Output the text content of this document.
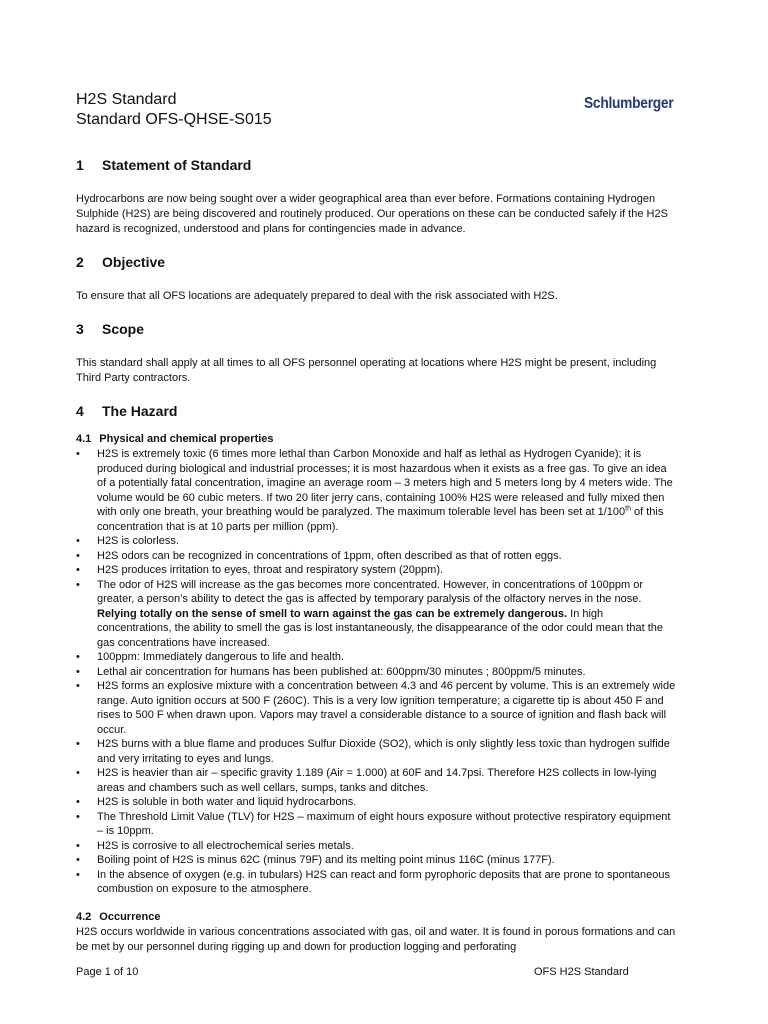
H2S Standard
Standard OFS-QHSE-S015
Schlumberger
1	Statement of Standard

Hydrocarbons are now being sought over a wider geographical area than ever before. Formations containing Hydrogen Sulphide (H2S) are being discovered and routinely produced. Our operations on these can be conducted safely if the H2S hazard is recognized, understood and plans for contingencies made in advance.

2	Objective

To ensure that all OFS locations are adequately prepared to deal with the risk associated with H2S.

3	Scope

This standard shall apply at all times to all OFS personnel operating at locations where H2S might be present, including Third Party contractors.

4	The Hazard
4.1 Physical and chemical properties
• H2S is extremely toxic (6 times more lethal than Carbon Monoxide and half as lethal as Hydrogen Cyanide); it is produced during biological and industrial processes; it is most hazardous when it exists as a free gas. To give an idea of a potentially fatal concentration, imagine an average room – 3 meters high and 5 meters long by 4 meters wide. The volume would be 60 cubic meters. If two 20 liter jerry cans, containing 100% H2S were released and fully mixed then with only one breath, your breathing would be paralyzed. The maximum tolerable level has been set at 1/100th of this concentration that is at 10 parts per million (ppm).
• H2S is colorless.
• H2S odors can be recognized in concentrations of 1ppm, often described as that of rotten eggs.
• H2S produces irritation to eyes, throat and respiratory system (20ppm).
• The odor of H2S will increase as the gas becomes more concentrated. However, in concentrations of 100ppm or greater, a person’s ability to detect the gas is affected by temporary paralysis of the olfactory nerves in the nose. Relying totally on the sense of smell to warn against the gas can be extremely dangerous. In high concentrations, the ability to smell the gas is lost instantaneously, the disappearance of the odor could mean that the gas concentrations have increased.
• 100ppm: Immediately dangerous to life and health.
• Lethal air concentration for humans has been published at: 600ppm/30 minutes ; 800ppm/5 minutes.
• H2S forms an explosive mixture with a concentration between 4.3 and 46 percent by volume. This is an extremely wide range. Auto ignition occurs at 500 F (260C). This is a very low ignition temperature; a cigarette tip is about 450 F and rises to 500 F when drawn upon. Vapors may travel a considerable distance to a source of ignition and flash back will occur.
• H2S burns with a blue flame and produces Sulfur Dioxide (SO2), which is only slightly less toxic than hydrogen sulfide and very irritating to eyes and lungs.
• H2S is heavier than air – specific gravity 1.189 (Air = 1.000) at 60F and 14.7psi. Therefore H2S collects in low-lying areas and chambers such as well cellars, sumps, tanks and ditches.
• H2S is soluble in both water and liquid hydrocarbons.
• The Threshold Limit Value (TLV) for H2S – maximum of eight hours exposure without protective respiratory equipment – is 10ppm.
• H2S is corrosive to all electrochemical series metals.
• Boiling point of H2S is minus 62C (minus 79F) and its melting point minus 116C (minus 177F).
• In the absence of oxygen (e.g. in tubulars) H2S can react and form pyrophoric deposits that are prone to spontaneous combustion on exposure to the atmosphere.
4.2 Occurrence

H2S occurs worldwide in various concentrations associated with gas, oil and water. It is found in porous formations and can be met by our personnel during rigging up and down for production logging and perforating

Page 1 of 10	OFS H2S Standard
